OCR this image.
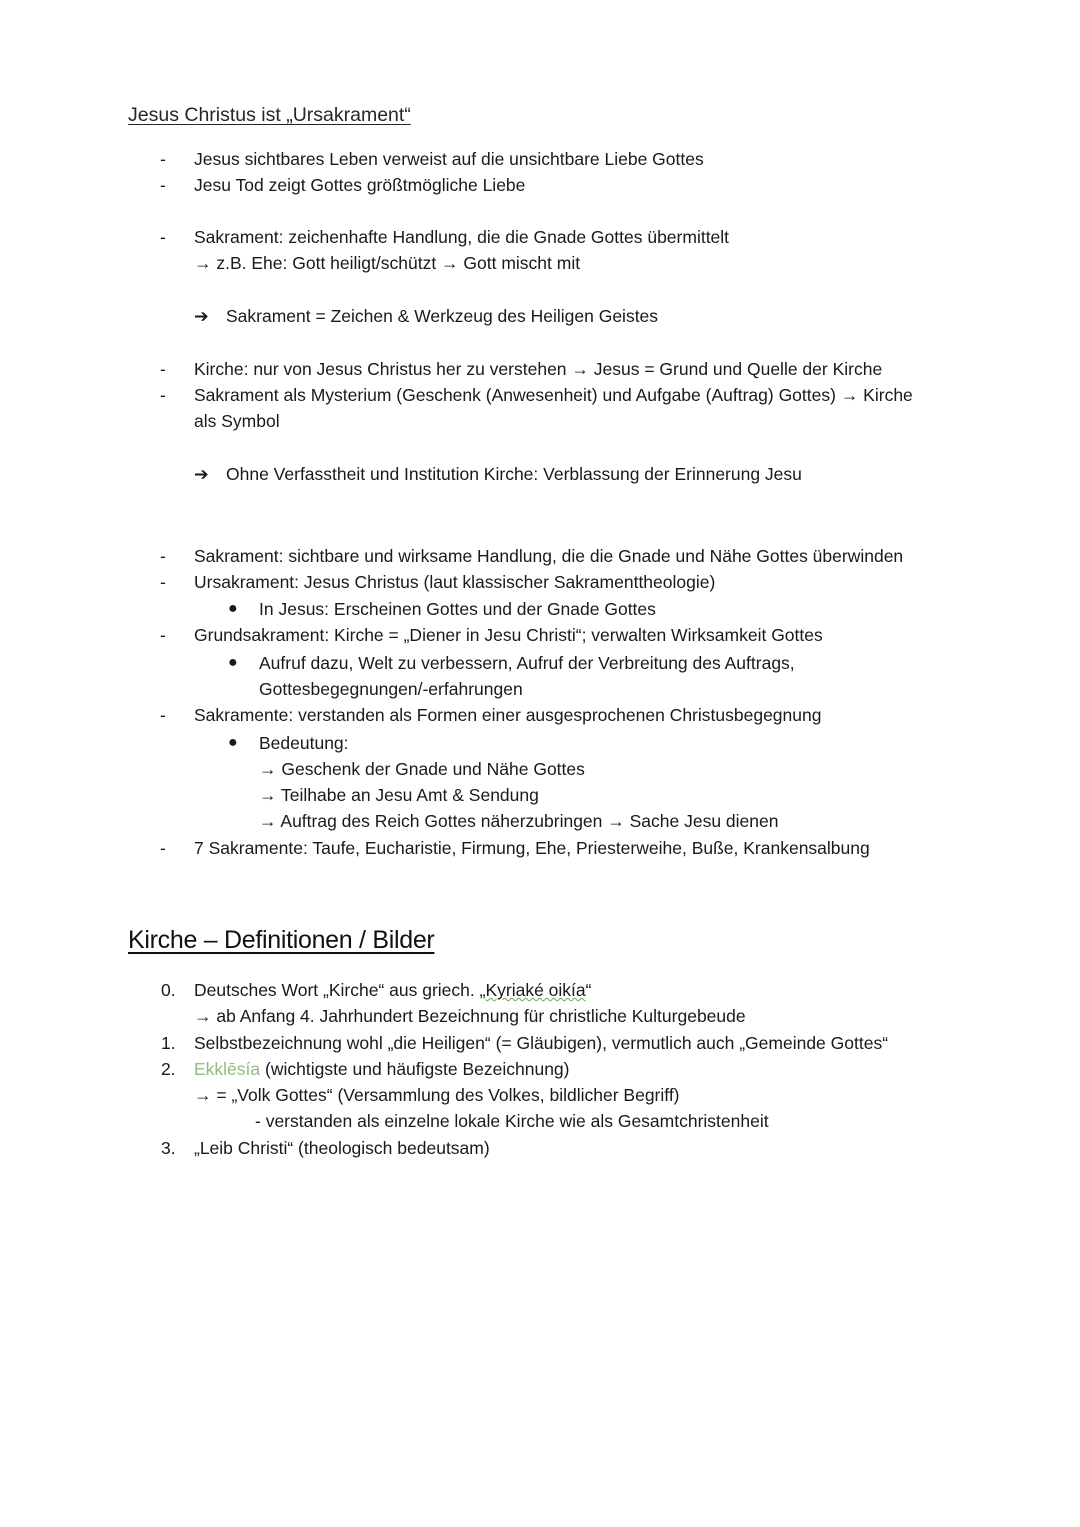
Jesus Christus ist „Ursakrament“
- Jesus sichtbares Leben verweist auf die unsichtbare Liebe Gottes
- Jesu Tod zeigt Gottes größtmögliche Liebe
- Sakrament: zeichenhafte Handlung, die die Gnade Gottes übermittelt
→ z.B. Ehe: Gott heiligt/schützt → Gott mischt mit
➔ Sakrament = Zeichen & Werkzeug des Heiligen Geistes
- Kirche: nur von Jesus Christus her zu verstehen → Jesus = Grund und Quelle der Kirche
- Sakrament als Mysterium (Geschenk (Anwesenheit) und Aufgabe (Auftrag) Gottes) → Kirche
als Symbol
➔ Ohne Verfasstheit und Institution Kirche: Verblassung der Erinnerung Jesu
- Sakrament: sichtbare und wirksame Handlung, die die Gnade und Nähe Gottes überwinden
- Ursakrament: Jesus Christus (laut klassischer Sakramenttheologie)
● In Jesus: Erscheinen Gottes und der Gnade Gottes
- Grundsakrament: Kirche = „Diener in Jesu Christi“; verwalten Wirksamkeit Gottes
● Aufruf dazu, Welt zu verbessern, Aufruf der Verbreitung des Auftrags,
Gottesbegegnungen/-erfahrungen
- Sakramente: verstanden als Formen einer ausgesprochenen Christusbegegnung
● Bedeutung:
→ Geschenk der Gnade und Nähe Gottes
→ Teilhabe an Jesu Amt & Sendung
→ Auftrag des Reich Gottes näherzubringen → Sache Jesu dienen
- 7 Sakramente: Taufe, Eucharistie, Firmung, Ehe, Priesterweihe, Buße, Krankensalbung
Kirche – Definitionen / Bilder
0. Deutsches Wort „Kirche“ aus griech. „Kyriaké oikía“
→ ab Anfang 4. Jahrhundert Bezeichnung für christliche Kulturgebeude
1. Selbstbezeichnung wohl „die Heiligen“ (= Gläubigen), vermutlich auch „Gemeinde Gottes“
2. Ekklēsía (wichtigste und häufigste Bezeichnung)
→ = „Volk Gottes“ (Versammlung des Volkes, bildlicher Begriff)
- verstanden als einzelne lokale Kirche wie als Gesamtchristenheit
3. „Leib Christi“ (theologisch bedeutsam)
